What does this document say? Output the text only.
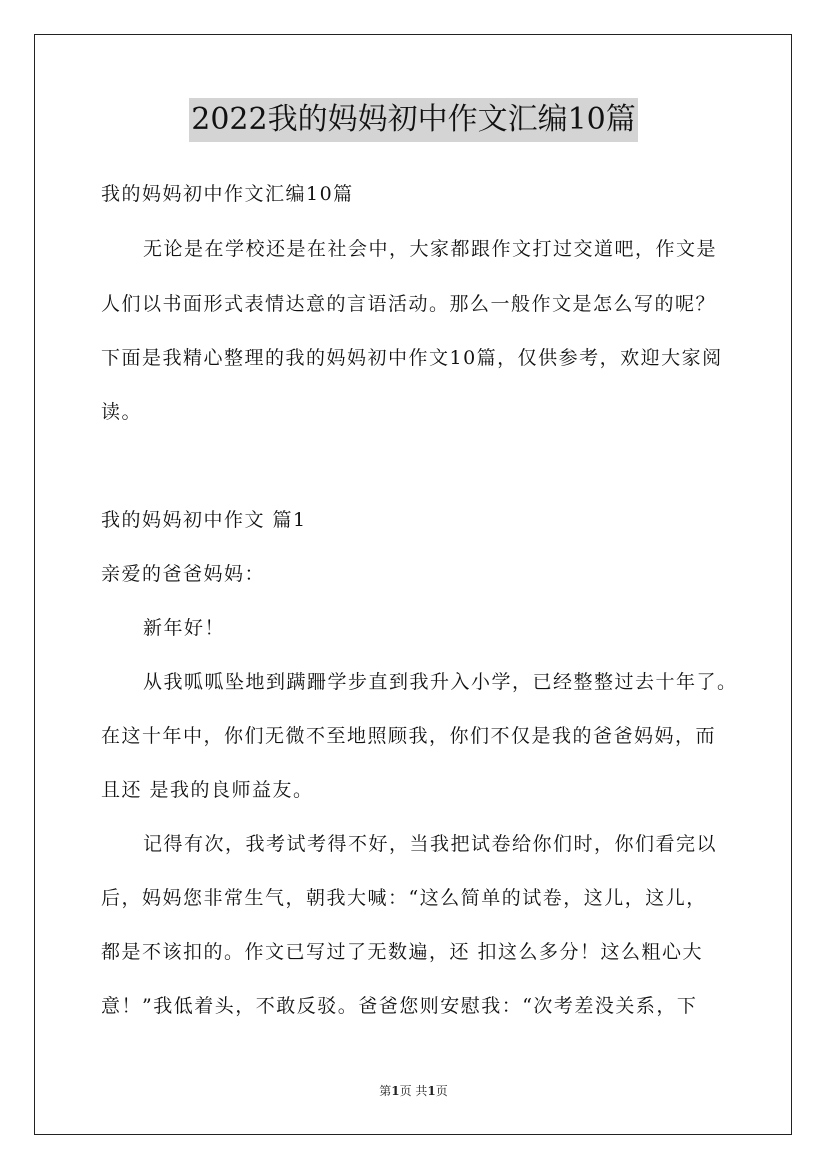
2022我的妈妈初中作文汇编10篇
我的妈妈初中作文汇编10篇
无论是在学校还是在社会中，大家都跟作文打过交道吧，作文是
人们以书面形式表情达意的言语活动。那么一般作文是怎么写的呢？
下面是我精心整理的我的妈妈初中作文10篇，仅供参考，欢迎大家阅
读。
我的妈妈初中作文 篇1
亲爱的爸爸妈妈：
新年好！
从我呱呱坠地到蹒跚学步直到我升入小学，已经整整过去十年了。
在这十年中，你们无微不至地照顾我，你们不仅是我的爸爸妈妈，而
且还 是我的良师益友。
记得有次，我考试考得不好，当我把试卷给你们时，你们看完以
后，妈妈您非常生气，朝我大喊：“这么简单的试卷，这儿，这儿，
都是不该扣的。作文已写过了无数遍，还 扣这么多分！这么粗心大
意！”我低着头，不敢反驳。爸爸您则安慰我：“次考差没关系，下
第1页 共1页
